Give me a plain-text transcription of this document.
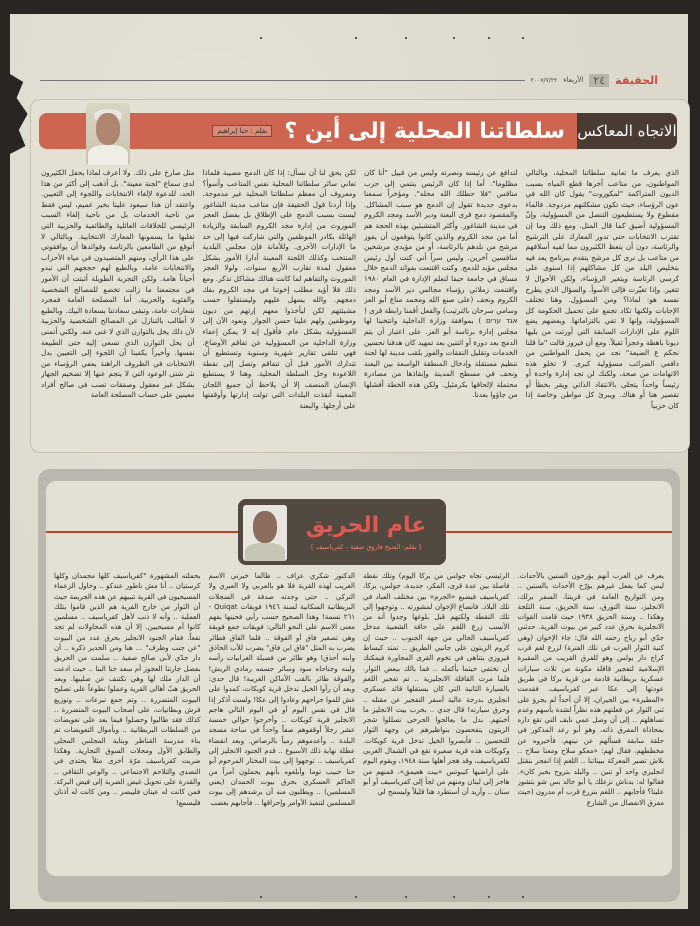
الحقيقة
٢٤
الأربعاء
٢٠٠٧/٧/٢٢
الاتجاه المعاكس
سلطاتنا المحلية إلى أين ؟
بقلم : حنا إبراهيم
الذي يعرف ما تعانيه سلطاتنا المحلية، وبالتالي المواطنون، من متاعب آخرها قطع المياه بسبب الديون المتراكمة "لمكوروت" يقول كان الله في عون الرؤساء، حيث تكون مشكلتهم مزدوجة. فالماء مقطوع ولا يستطيعون التنصل من المسؤولية، وإنّ المسؤولية أضيق كما قال المثل. ومع ذلك وما إن تقترب الانتخابات حتى تدور المعارك على الترشيح والرئاسة، دون أن يتعظ الكثيرون مما لقيه أسلافهم من متاعب بل نرى كل مرشح يتقدم ببرنامج يعد فيه بتخليص البلد من كل مشاكلهم إذا استوى على كرسي الرئاسة ويتغير الرؤساء، ولكن الأحوال لا تتغير. وإذا تغيّرت فإلى الأسوأ. والسؤال الذي يطرح نفسه هو: لماذا؟ ومن المسؤول. وهنا تختلف الإجابات ولكنها تكاد تجمع على تحميل الحكومة كل المسؤولية، وإنها لا تفي بالتزاماتها. وبعضهم يضع اللوم على الإدارات السابقة التي أورثت من يليها ديونا باهظة وعجزاً ثقيلاً. ومع أن فيروز قالت "ما قلنا نحكم ع الضيعة" نجد من يحمل المواطنين من دافعي الضرائب مسؤولية كبرى. لا تخلو هذه الاتهامات من صحة، ولكنك لن تجد إدارة واحدة أو رئيساً واحداً يتحلى بالانتقاد الذاتي ويقر بخطأ أو تقصير هنا أو هناك. ويبرئ كل مواطن وخاصة إذا كان حزبياً
لتدافع عن رئيسه ونصرته وليس من قبيل "أنا كان مظلوما". أما إذا كان الرئيس ينتمي إلى حزب منافس "فلا حطلك الله محله". ومؤخراً سمعنا بدعوى جديدة تقول إن الدمج هو سبب المشاكل. والمقصود دمج قرى البعنة ودير الأسد ومجد الكروم في مدينة الشاغور. وأكثر المتشبثين بهذه الحجة هم أما من مجد الكروم والذين كانوا يتوقعون أن يفوز مرشح من بلدهم بالرئاسة، أو من مؤيدي مرشحين منافسين آخرين. وليس سراً أني كنت أول رئيس مجلس مؤيد للدمج. وكنت اقتنعت بفوائد الدمج خلال مساق في جامعة حيفا لتعلم الإدارة في العام ١٩٨٠ واقتنعت زملائي رؤساء مجالس دير الأسد ومجد الكروم ونحف (على صنع الله ومحمد مناع أبو العز وسامي سرحان بالترتيب) والفعل أقمنا رابطة قرى ( אגד ערים ) بموافقة وزارة الداخلية وانتخبنا لها مجلس إدارة برئاسة أبو العز. على اعتبار أن يتم الدمج بعد دورة أو اثنتين بعد تمهيد كان هدفنا تحسين الخدمات وتقليل النفقات والفوز بلقب مدينة لها لجنة تنظيم مستقلة وإدخال المنطقة الواسعة بين البعنة ونحف في مسطح المدينة وإنقاذها من مصادرة محتملة لإلحاقها بكرمئيل. ولكن هذه الخطة أفشلها من جاؤوا بعدنا.
لكن يحق لنا أن نسأل: إذا كان الدمج مصيبة فلماذا تعاني سائر سلطاتنا المحلية نفس المتاعب وأسوأ؟ ومعروف أن معظم سلطاتنا المحلية غير مدموجة. وإذا أردنا قول الحقيقة فإن متاعب مدينة الشاغور ليست بسبب الدمج على الإطلاق بل بفضل العجز الموروث من إدارة مجد الكروم السابقة والزيادة الهائلة بكادر الموظفين والتي شاركت فيها إلى حد ما الإدارات الأخرى. وللأمانة فإن مجلس البلدية المنتخب وكذلك اللجنة المعينة أدارا الأمور بشكل معقول لمدة تقارب الأربع سنوات. ولولا العجز الموروث والتفاهم لما كانت هنالك مشاكل تذكر. ومع ذلك فلا أؤيد مطلب إخوتنا في مجد الكروم بفك دمجهم. والله يسهل عليهم وليستقلوا حسب مشيئتهم لكن ليأخذوا معهم إرثهم من ديون وموظفين ولهم علينا حسن الجوار. ونعود الآن إلى المسؤولية بشكل عام. فأقول إنه لا يمكن إعفاء وزارة الداخلية من المسؤولية عن تفاقم الأوضاع. فهي تتلقى تقارير شهرية وسنوية وتستطيع أن تتدارك الأمور قبل أن تتفاقم وتصل إلى نقطة اللاعودة وحل السلطة المحلية. وهنا لا يستطيع الإنسان المنصف إلا أن يلاحظ أن جميع اللجان المعينة أنقذت البلدات التي تولت إدارتها وأوقفتها على أرجلها. والبعنة
مثل صارخ على ذلك. ولا أعرف لماذا يحفل الكثيرون لدى سماع "لجنة معينة". بل أذهب إلى أكثر من هذا الحد، للدعوة لإلغاء الانتخابات واللجوء إلى التعيين. واعتقد أن هذا سيعود علينا بخير عميم، ليس فقط من ناحية الخدمات بل من ناحية إلغاء السبب الرئيسي للخلافات العائلية والطائفية والحزبية التي تغلبها ما يسمونها المعارك الانتخابية. وبالتالي لا أتوقع من الطامعين بالرئاسة وفوائدها أن يوافقوني على هذا الرأي، ومنهم المتصيدون في مياه الأحزاب والانتخابات عامة، وبالطبع لهم حججهم التي تبدو أحياناً هامة. ولكن التجربة الطويلة أثبتت أن الأمور في مجتمعنا ما زالت تخضع للمصالح الشخصية والفئوية والحزبية. أما المصلحة العامة فمجرد شعارات عامة، وتبقى سعادتنا بسعادة البيك. وبالطبع لا أطالب بالتنازل عن المصالح الشخصية والحزبية لأن ذلك يخل بالتوازن الذي لا غنى عنه. ولكني أتمنى أن يحل التوازن الذي تسعى إليه حتى الطبيعة نفسها. وأخيراً يكفينا أن اللجوء إلى التعيين بدل الانتخابات في الظروف الراهنة يعفي الرؤساء من نثر شتى الوعود التي لا ينجم عنها إلا تضخيم الجهاز بشكل غير معقول وصفقات تصب في صالح أفراد معينين على حساب المصلحة العامة
عام الحريق
[ بقلم: الشيخ فاروق صفية - كفرياسيف ]
يعرف عن العرب أنهم يؤرخون السنين بالأحداث. ليس كما يفعل غيرهم يؤرّخ الأحداث بالسنين .. ومن التواريخ العامة في قريتنا، السفر برلك، الانجليز، سنة التورق، سنة الحريق، سنة الثلجة وهكذا .. وسنة الحريق ١٩٣٨ حيث قامت القوات الانجليزية بحرق عدد كبير من بيوت القرية. حدثني جدّي أبو رياح رحمه الله قال: جاء الإخوان (وهي كنية الثوار العرب في تلك الفترة) لزرع لغم قرب كراج دار بولس وهو للفرق القريب من المقبرة الإسلامية لتفجير قافلة مكونة من ثلاث سيارات عسكرية بريطانية قادمة من قرية بركا في طريق عودتها إلى عكا عبر كفرياسيف. فقدمت «المطيرة» بين الجيران، إلا أن أحداً لم يجرؤ على ثني الثوار عن فعلتهم هذه نظراً لشدة بأسهم وعدم تساهلهم .. إلى أن وصل عمي نايف التي تقع داره بمحاذاة المفرق ذاته، وهو أبو رعد المذكور في حلقة سابقة فسألهم عن نيتهم. فأخبروه عن مخططهم، فقال لهم: «معكو سلاح ومعنا سلاح .. بلاش تصير المعركة ببيناتنا .. اللغم إذا انفجر بنقتل انجليزي واحد أو تنين .. والبلد بتروح بخبر كان». فقالوا له: بدناش نزعلك يا أبو خالد بس شو بتشور علينا؟ فأجابهم .. اللغم بنزرع قرب أم مدرون (حيث مفرق الانفصال من الشارع
الرئيسي تجاه جولس من بركا اليوم) وتلك نقطة فاصلة بين عدة قرى، المكر، جديدة، جولس، بركا، كفرياسيف فيضيع «الجرم» بين مختلف العباد في تلك البلاد. فانصاع الإخوان لمشورته .. وتوجهوا إلى تلك النقطة ولكنهم قبل بلوغها وجدوا أنه من الأنسب زرع اللغم على حافة الشعبية مدخل كفرياسيف الحالي من جهة الجنوب .. حيث إن كروم الزيتون على جانبي الطريق .. تمتد كبساط فيروزي يتناهى في تخوم القرى المجاورة فيمكنك أن تختفي حيثما بأكمله .. فما بالك ببعض الثوار. فلما مرت القافلة الانجليزية .. تم تفجير اللغم بالسيارة الثانية التي كان يستقلها قائد عسكري انجليزي بدرجة عالية أسفر التفجير عن مقتله .. وحرق سيارته! قال جدي .. بخرب بيت الانجليز ما أخبثهم. بدل ما يعالجوا الجرحى تسللوا شجر الزيتون يتفحصون بنواظيرهم عن وجهة الثوار للتحسين .. فأبصروا الخيل تدخل قرية كويكات. وكويكات هذه قرية صغيرة تقع في الشمال الغربي لكفرياسيف، وقد هجر أهلها سنة ١٩٤٨، ويقوم اليوم على أراضيها كيبوتس «بيت هعيمق»، فمنهم من هاجر إلى لبنان ومنهم من لجأ إلى كفرياسيف أو أبو سنان .. وأريد أن أستطرد هنا قليلاً وليسمح لي
الدكتور شكري عراف .. طالما خبرني الاسم الغريب لهذه القرية فلا هو بالعربي ولا العبري ولا التركي .. حتى وجدته صدفة في السجلات البريطانية السكانية لسنة ١٩٤٦ فويقات Quiqat - ٢٦١ نسمة! وهذا الصحيح حسب رأيي فحينها يفهم معنى الاسم على النحو التالي: فويقات جمع فويقة وهي تصغير فاق أو الفوقة .. فلما الفاق فطائر يضرب به المثل "فاق ابن فاق" يضرب للأب الحاذق وابنه أحذق! وهو طائر من فصيلة الغرابيات رأسه ولبته وجناحاه سود وسائر جسمه رمادي الريش! والفوقة طائر بالقب الأماكن الغريبة! قال جدي: وبعد أن رأوا الخيل تدخل قرية كويكات، كمدوا على غش للموا جراحهم وعادوا إلى عكا! ولست أذكر إذا قال في نفس اليوم أو في اليوم التالي هاجم الانجليز قرية كويكات .. وأخرجوا حوالي خمسة عشر رجلاً أوقفوهم صفاً واحداً في ساحة مسجد البلدة .. وأعدموهم رمياً بالرصاص. وبعد انقضاء عطلة نهاية ذلك الأسبوع .. قدم الجنود الانجليز إلى كفرياسيف .. توجهوا إلى بيت المختار المرحوم أبو حنا حبيب توما وأبلغوه بأنهم يحملون أمراً من الحاكم العسكري بحرق بيوت الحمدان (يعني المسلمين) .. ويطلبون منه أن يرشدهم إلى بيوت المسلمين لتنفيذ الأوامر وإحراقها .. فأجابهم بغضب
بحملته المشهورة "كفرياسيف كلها محمدان وكلها كرستيان .. أنا مش ناطور عندكو .. وحاول الزعماء المسيحيون في القرية تنبيهم عن هذه الجريمة حيث أن الثوار من خارج القرية هم الذين قاموا بتلك العملية .. وأنه لا ذنب لأهل كفرياسيف .. مسلمين كانوا أم مسيحيين. إلا أن هذه المحاولات لم تجد نفعاً. فقام الجنود الانجليز بحرق عدد من البيوت "عن جنب وطرف" ... هنا ومن الجدير ذكره .. أن دار جدّي لأبي صالح صفية .. سلمت من الحريق بفضل جارتنا العجوز أم سعد حنا البنا .. حيث ادعت أن الدار ملك لها وهي تكتنف عن صليبها. وبعد الحريق هبّ أهالي القرية وعملوا تطوعاً على تصليح البيوت المتضررة .. وتم جمع تبرعات .. وتوزيع فرش وبطانيات، على أصحاب البيوت المتضررة .. كذلك فقد طالبوا وحصلوا فيما بعد على تعويضات من السلطات البريطانية .. وبأموال التعويضات تم بناء مدرسة القناطر وبناية المجلس المحلي والطابق الأول ومحلات السوق التجارية. وهكذا ضربت كفرياسيف مرّة أخرى مثلاً يحتذى في التصدي والتلاحم الاجتماعي .. والوعي الثقافي .. والقدرة على تحويل غيض الضربة إلى فيض البركة. فمن كانت له عينان فليبصر .. ومن كانت له أذنان فليسمع!
